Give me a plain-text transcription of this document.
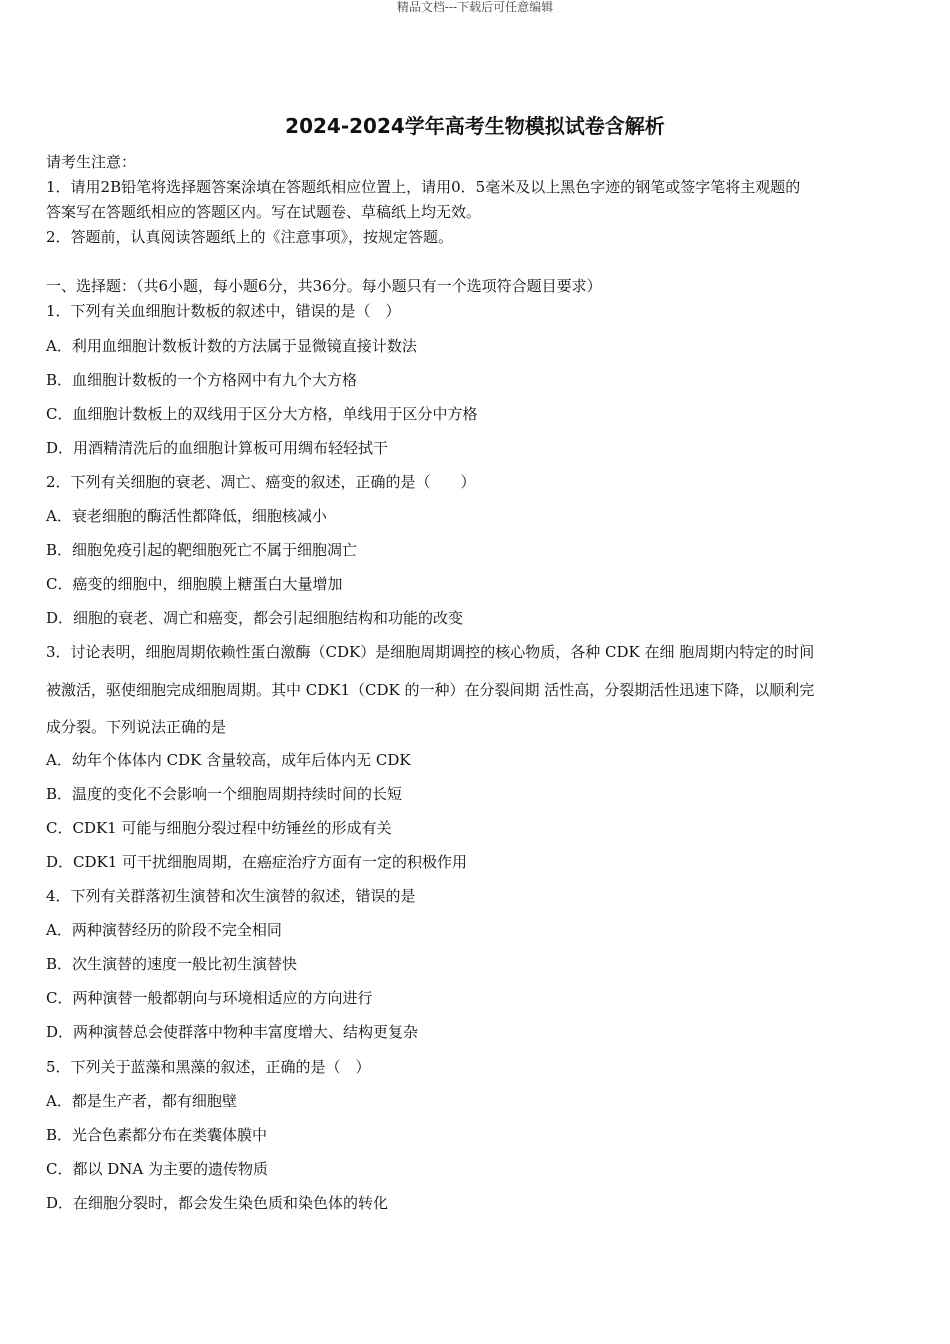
精品文档---下载后可任意编辑
2024-2024学年高考生物模拟试卷含解析
请考生注意：
1．请用2B铅笔将选择题答案涂填在答题纸相应位置上，请用0．5毫米及以上黑色字迹的钢笔或签字笔将主观题的
答案写在答题纸相应的答题区内。写在试题卷、草稿纸上均无效。
2．答题前，认真阅读答题纸上的《注意事项》，按规定答题。
一、选择题：（共6小题，每小题6分，共36分。每小题只有一个选项符合题目要求）
1．下列有关血细胞计数板的叙述中，错误的是（　）
A．利用血细胞计数板计数的方法属于显微镜直接计数法
B．血细胞计数板的一个方格网中有九个大方格
C．血细胞计数板上的双线用于区分大方格，单线用于区分中方格
D．用酒精清洗后的血细胞计算板可用绸布轻轻拭干
2．下列有关细胞的衰老、凋亡、癌变的叙述，正确的是（　　）
A．衰老细胞的酶活性都降低，细胞核减小
B．细胞免疫引起的靶细胞死亡不属于细胞凋亡
C．癌变的细胞中，细胞膜上糖蛋白大量增加
D．细胞的衰老、凋亡和癌变，都会引起细胞结构和功能的改变
3．讨论表明，细胞周期依赖性蛋白激酶（CDK）是细胞周期调控的核心物质，各种 CDK 在细 胞周期内特定的时间
被激活，驱使细胞完成细胞周期。其中 CDK1（CDK 的一种）在分裂间期 活性高，分裂期活性迅速下降，以顺利完
成分裂。下列说法正确的是
A．幼年个体体内 CDK 含量较高，成年后体内无 CDK
B．温度的变化不会影响一个细胞周期持续时间的长短
C．CDK1 可能与细胞分裂过程中纺锤丝的形成有关
D．CDK1 可干扰细胞周期，在癌症治疗方面有一定的积极作用
4．下列有关群落初生演替和次生演替的叙述，错误的是
A．两种演替经历的阶段不完全相同
B．次生演替的速度一般比初生演替快
C．两种演替一般都朝向与环境相适应的方向进行
D．两种演替总会使群落中物种丰富度增大、结构更复杂
5．下列关于蓝藻和黑藻的叙述，正确的是（　）
A．都是生产者，都有细胞壁
B．光合色素都分布在类囊体膜中
C．都以 DNA 为主要的遗传物质
D．在细胞分裂时，都会发生染色质和染色体的转化
